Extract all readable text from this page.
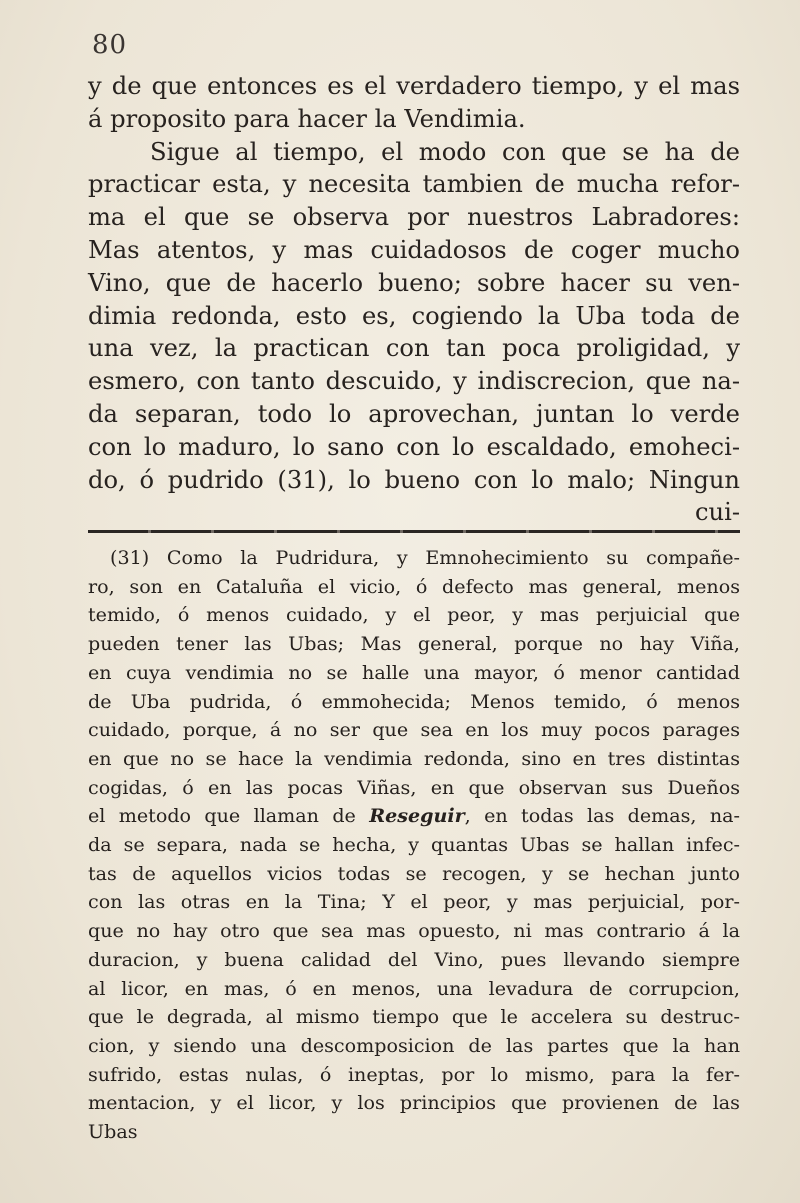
80
y de que entonces es el verdadero tiempo, y el mas
á proposito para hacer la Vendimia.
Sigue al tiempo, el modo con que se ha de
practicar esta, y necesita tambien de mucha refor-
ma el que se observa por nuestros Labradores:
Mas atentos, y mas cuidadosos de coger mucho
Vino, que de hacerlo bueno; sobre hacer su ven-
dimia redonda, esto es, cogiendo la Uba toda de
una vez, la practican con tan poca proligidad, y
esmero, con tanto descuido, y indiscrecion, que na-
da separan, todo lo aprovechan, juntan lo verde
con lo maduro, lo sano con lo escaldado, emoheci-
do, ó pudrido (31), lo bueno con lo malo; Ningun
cui-
(31) Como la Pudridura, y Emnohecimiento su compañe-
ro, son en Cataluña el vicio, ó defecto mas general, menos
temido, ó menos cuidado, y el peor, y mas perjuicial que
pueden tener las Ubas; Mas general, porque no hay Viña,
en cuya vendimia no se halle una mayor, ó menor cantidad
de Uba pudrida, ó emmohecida; Menos temido, ó menos
cuidado, porque, á no ser que sea en los muy pocos parages
en que no se hace la vendimia redonda, sino en tres distintas
cogidas, ó en las pocas Viñas, en que observan sus Dueños
el metodo que llaman de Reseguir, en todas las demas, na-
da se separa, nada se hecha, y quantas Ubas se hallan infec-
tas de aquellos vicios todas se recogen, y se hechan junto
con las otras en la Tina; Y el peor, y mas perjuicial, por-
que no hay otro que sea mas opuesto, ni mas contrario á la
duracion, y buena calidad del Vino, pues llevando siempre
al licor, en mas, ó en menos, una levadura de corrupcion,
que le degrada, al mismo tiempo que le accelera su destruc-
cion, y siendo una descomposicion de las partes que la han
sufrido, estas nulas, ó ineptas, por lo mismo, para la fer-
mentacion, y el licor, y los principios que provienen de las
Ubas
